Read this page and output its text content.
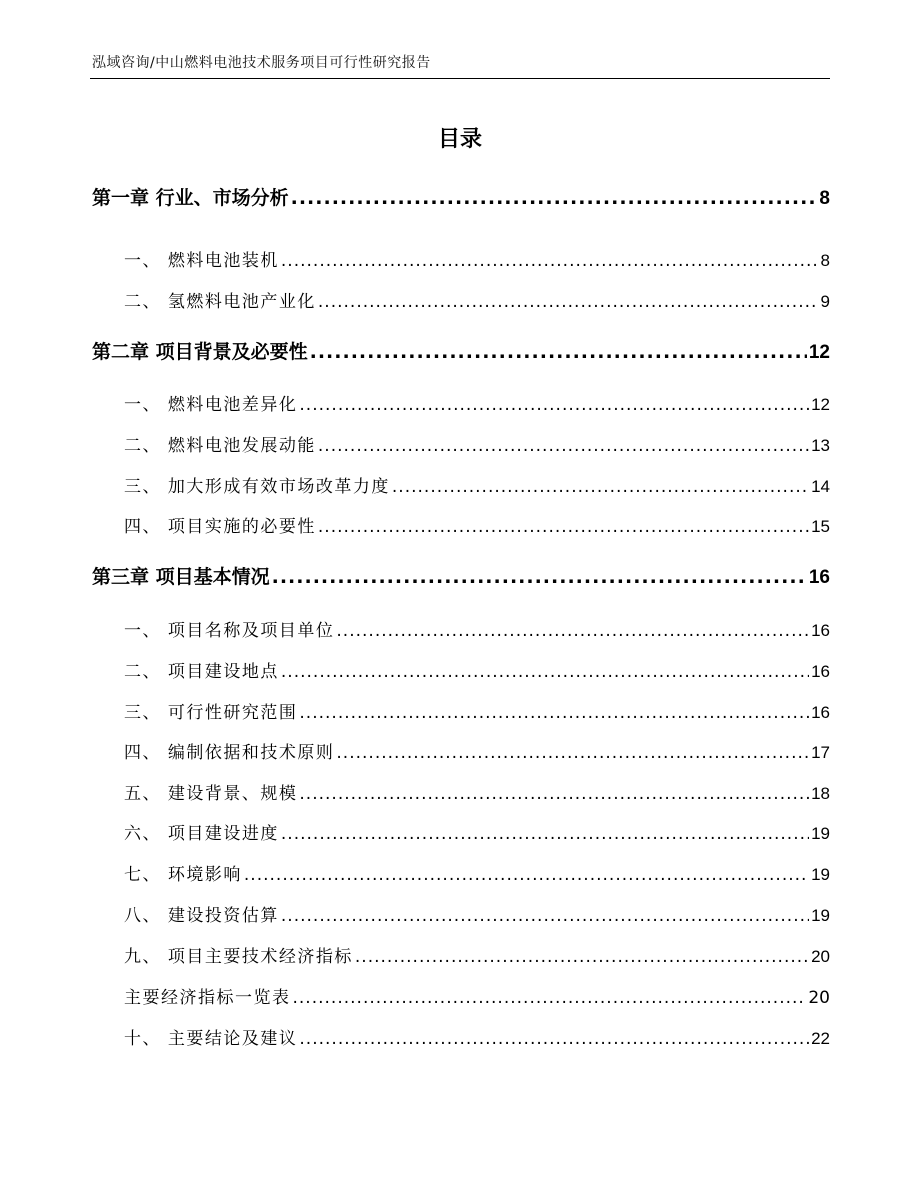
泓域咨询/中山燃料电池技术服务项目可行性研究报告
目录
第一章 行业、市场分析 .....	8
一、 燃料电池装机 .....	8
二、 氢燃料电池产业化 .....	9
第二章 项目背景及必要性 .....	12
一、 燃料电池差异化 .....	12
二、 燃料电池发展动能 .....	13
三、 加大形成有效市场改革力度 .....	14
四、 项目实施的必要性 .....	15
第三章 项目基本情况 .....	16
一、 项目名称及项目单位 .....	16
二、 项目建设地点 .....	16
三、 可行性研究范围 .....	16
四、 编制依据和技术原则 .....	17
五、 建设背景、规模 .....	18
六、 项目建设进度 .....	19
七、 环境影响 .....	19
八、 建设投资估算 .....	19
九、 项目主要技术经济指标 .....	20
主要经济指标一览表 .....	20
十、 主要结论及建议 .....	22
